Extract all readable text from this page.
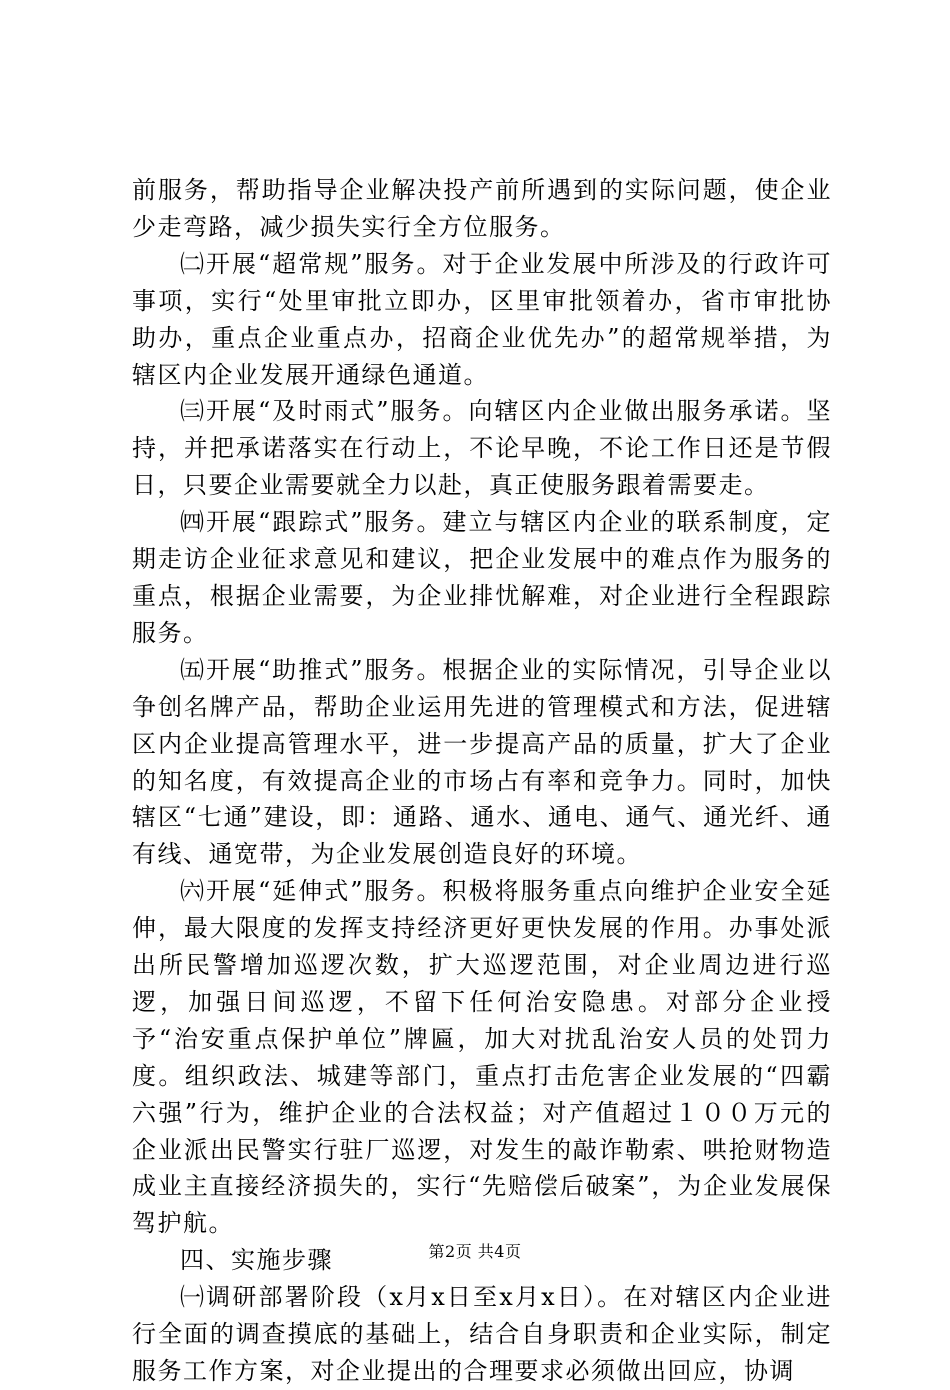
前服务，帮助指导企业解决投产前所遇到的实际问题，使企业少走弯路，减少损失实行全方位服务。

㈡开展“超常规”服务。对于企业发展中所涉及的行政许可事项，实行“处里审批立即办，区里审批领着办，省市审批协助办，重点企业重点办，招商企业优先办”的超常规举措，为辖区内企业发展开通绿色通道。

㈢开展“及时雨式”服务。向辖区内企业做出服务承诺。坚持，并把承诺落实在行动上，不论早晚，不论工作日还是节假日，只要企业需要就全力以赴，真正使服务跟着需要走。

㈣开展“跟踪式”服务。建立与辖区内企业的联系制度，定期走访企业征求意见和建议，把企业发展中的难点作为服务的重点，根据企业需要，为企业排忧解难，对企业进行全程跟踪服务。

㈤开展“助推式”服务。根据企业的实际情况，引导企业以争创名牌产品，帮助企业运用先进的管理模式和方法，促进辖区内企业提高管理水平，进一步提高产品的质量，扩大了企业的知名度，有效提高企业的市场占有率和竞争力。同时，加快辖区“七通”建设，即：通路、通水、通电、通气、通光纤、通有线、通宽带，为企业发展创造良好的环境。

㈥开展“延伸式”服务。积极将服务重点向维护企业安全延伸，最大限度的发挥支持经济更好更快发展的作用。办事处派出所民警增加巡逻次数，扩大巡逻范围，对企业周边进行巡逻，加强日间巡逻，不留下任何治安隐患。对部分企业授予“治安重点保护单位”牌匾，加大对扰乱治安人员的处罚力度。组织政法、城建等部门，重点打击危害企业发展的“四霸六强”行为，维护企业的合法权益；对产值超过１００万元的企业派出民警实行驻厂巡逻，对发生的敲诈勒索、哄抢财物造成业主直接经济损失的，实行“先赔偿后破案”，为企业发展保驾护航。

四、实施步骤

㈠调研部署阶段（x月x日至x月x日）。在对辖区内企业进行全面的调查摸底的基础上，结合自身职责和企业实际，制定服务工作方案，对企业提出的合理要求必须做出回应，协调

第2页 共4页
